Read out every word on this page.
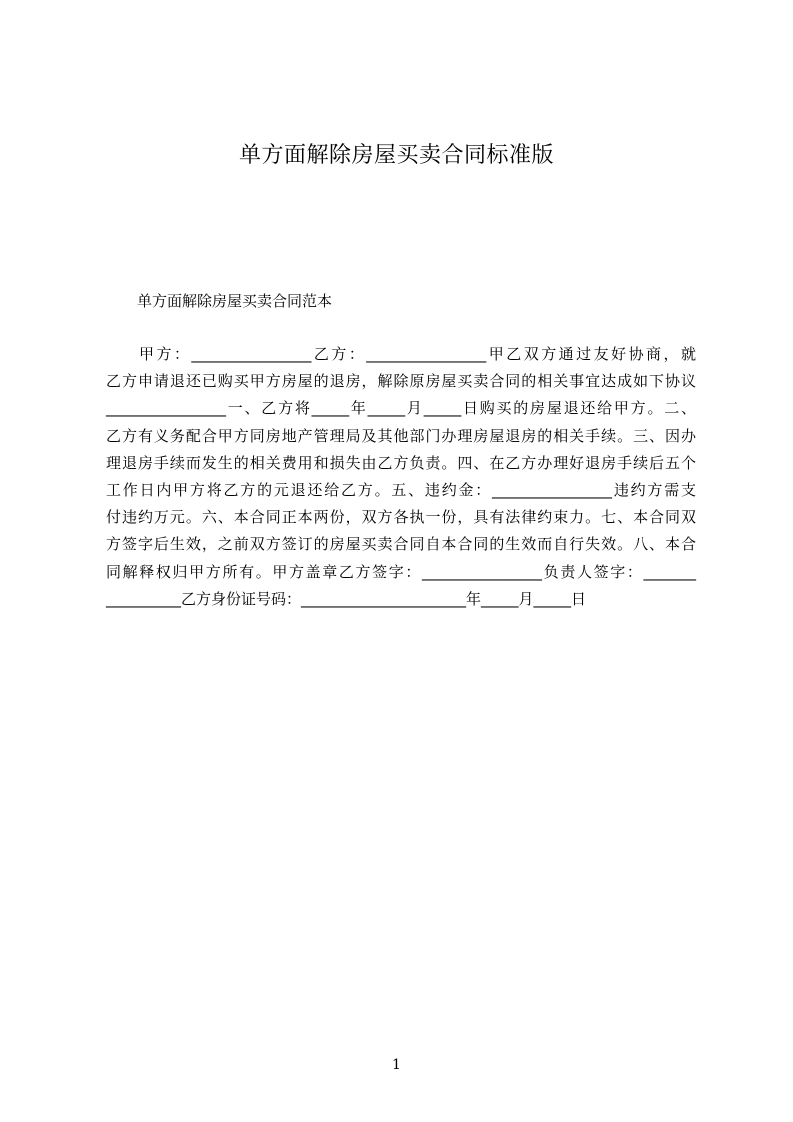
单方面解除房屋买卖合同标准版

单方面解除房屋买卖合同范本

甲方：________________乙方：________________甲乙双方通过友好协商，就
乙方申请退还已购买甲方房屋的退房，解除原房屋买卖合同的相关事宜达成如下协议
________________一、乙方将_____年_____月_____日购买的房屋退还给甲方。二、
乙方有义务配合甲方同房地产管理局及其他部门办理房屋退房的相关手续。三、因办
理退房手续而发生的相关费用和损失由乙方负责。四、在乙方办理好退房手续后五个
工作日内甲方将乙方的元退还给乙方。五、违约金：________________违约方需支
付违约万元。六、本合同正本两份，双方各执一份，具有法律约束力。七、本合同双
方签字后生效，之前双方签订的房屋买卖合同自本合同的生效而自行失效。八、本合
同解释权归甲方所有。甲方盖章乙方签字：________________负责人签字：_______
__________乙方身份证号码：______________________年_____月_____日
1
